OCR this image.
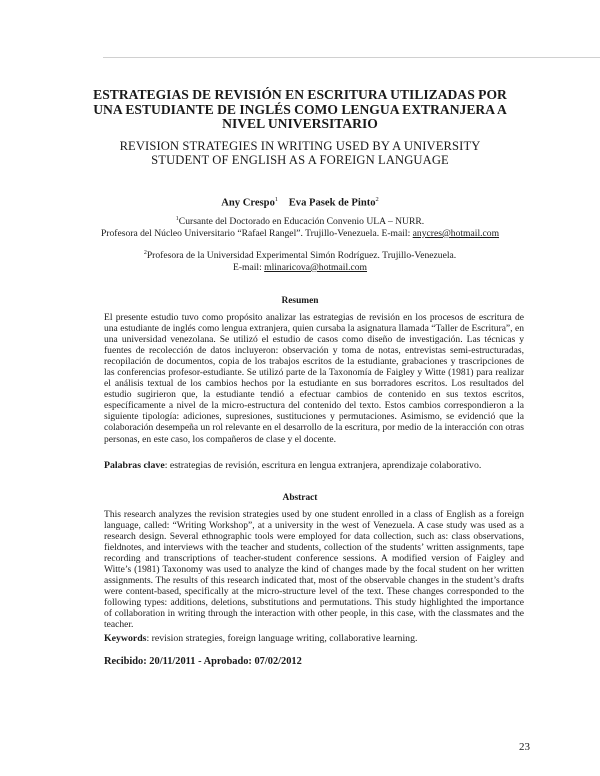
ESTRATEGIAS DE REVISIÓN EN ESCRITURA UTILIZADAS POR UNA ESTUDIANTE DE INGLÉS COMO LENGUA EXTRANJERA A NIVEL UNIVERSITARIO
REVISION STRATEGIES IN WRITING USED BY A UNIVERSITY STUDENT OF ENGLISH AS A FOREIGN LANGUAGE
Any Crespo$^1$ Eva Pasek de Pinto$^2$
$^1$Cursante del Doctorado en Educación Convenio ULA – NURR.
Profesora del Núcleo Universitario “Rafael Rangel”. Trujillo-Venezuela. E-mail: anycres@hotmail.com
$^2$Profesora de la Universidad Experimental Simón Rodríguez. Trujillo-Venezuela.
E-mail: mlinaricova@hotmail.com
Resumen
El presente estudio tuvo como propósito analizar las estrategias de revisión en los procesos de escritura de una estudiante de inglés como lengua extranjera, quien cursaba la asignatura llamada “Taller de Escritura”, en una universidad venezolana. Se utilizó el estudio de casos como diseño de investigación. Las técnicas y fuentes de recolección de datos incluyeron: observación y toma de notas, entrevistas semi-estructuradas, recopilación de documentos, copia de los trabajos escritos de la estudiante, grabaciones y trascripciones de las conferencias profesor-estudiante. Se utilizó parte de la Taxonomía de Faigley y Witte (1981) para realizar el análisis textual de los cambios hechos por la estudiante en sus borradores escritos. Los resultados del estudio sugirieron que, la estudiante tendió a efectuar cambios de contenido en sus textos escritos, específicamente a nivel de la micro-estructura del contenido del texto. Estos cambios correspondieron a la siguiente tipología: adiciones, supresiones, sustituciones y permutaciones. Asimismo, se evidenció que la colaboración desempeña un rol relevante en el desarrollo de la escritura, por medio de la interacción con otras personas, en este caso, los compañeros de clase y el docente.
Palabras clave: estrategias de revisión, escritura en lengua extranjera, aprendizaje colaborativo.
Abstract
This research analyzes the revision strategies used by one student enrolled in a class of English as a foreign language, called: “Writing Workshop”, at a university in the west of Venezuela. A case study was used as a research design. Several ethnographic tools were employed for data collection, such as: class observations, fieldnotes, and interviews with the teacher and students, collection of the students’ written assignments, tape recording and transcriptions of teacher-student conference sessions. A modified version of Faigley and Witte’s (1981) Taxonomy was used to analyze the kind of changes made by the focal student on her written assignments. The results of this research indicated that, most of the observable changes in the student’s drafts were content-based, specifically at the micro-structure level of the text. These changes corresponded to the following types: additions, deletions, substitutions and permutations. This study highlighted the importance of collaboration in writing through the interaction with other people, in this case, with the classmates and the teacher.
Keywords: revision strategies, foreign language writing, collaborative learning.
Recibido: 20/11/2011 - Aprobado: 07/02/2012
23
